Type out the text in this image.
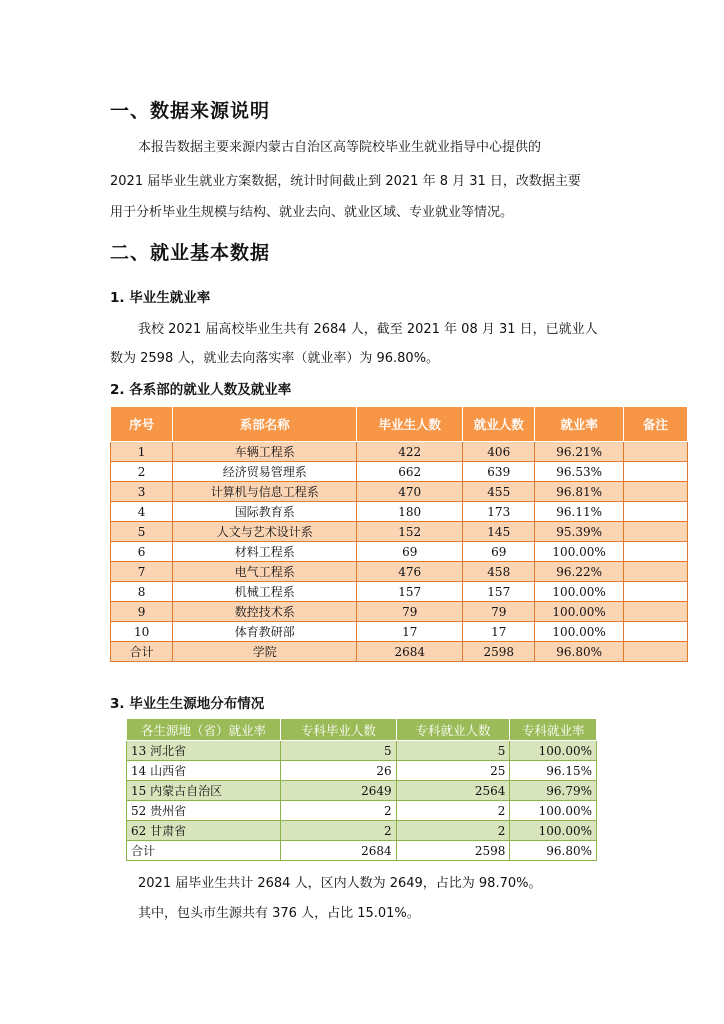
一、数据来源说明
本报告数据主要来源内蒙古自治区高等院校毕业生就业指导中心提供的
2021 届毕业生就业方案数据，统计时间截止到 2021 年 8 月 31 日，改数据主要
用于分析毕业生规模与结构、就业去向、就业区域、专业就业等情况。
二、就业基本数据
1. 毕业生就业率
我校 2021 届高校毕业生共有 2684 人，截至 2021 年 08 月 31 日，已就业人
数为 2598 人，就业去向落实率（就业率）为 96.80%。
2. 各系部的就业人数及就业率
序号	系部名称	毕业生人数	就业人数	就业率	备注
1	车辆工程系	422	406	96.21%	
2	经济贸易管理系	662	639	96.53%	
3	计算机与信息工程系	470	455	96.81%	
4	国际教育系	180	173	96.11%	
5	人文与艺术设计系	152	145	95.39%	
6	材料工程系	69	69	100.00%	
7	电气工程系	476	458	96.22%	
8	机械工程系	157	157	100.00%	
9	数控技术系	79	79	100.00%	
10	体育教研部	17	17	100.00%	
合计	学院	2684	2598	96.80%	
3. 毕业生生源地分布情况
各生源地（省）就业率	专科毕业人数	专科就业人数	专科就业率
13 河北省	5	5	100.00%
14 山西省	26	25	96.15%
15 内蒙古自治区	2649	2564	96.79%
52 贵州省	2	2	100.00%
62 甘肃省	2	2	100.00%
合计	2684	2598	96.80%
2021 届毕业生共计 2684 人，区内人数为 2649，占比为 98.70%。
其中，包头市生源共有 376 人，占比 15.01%。
